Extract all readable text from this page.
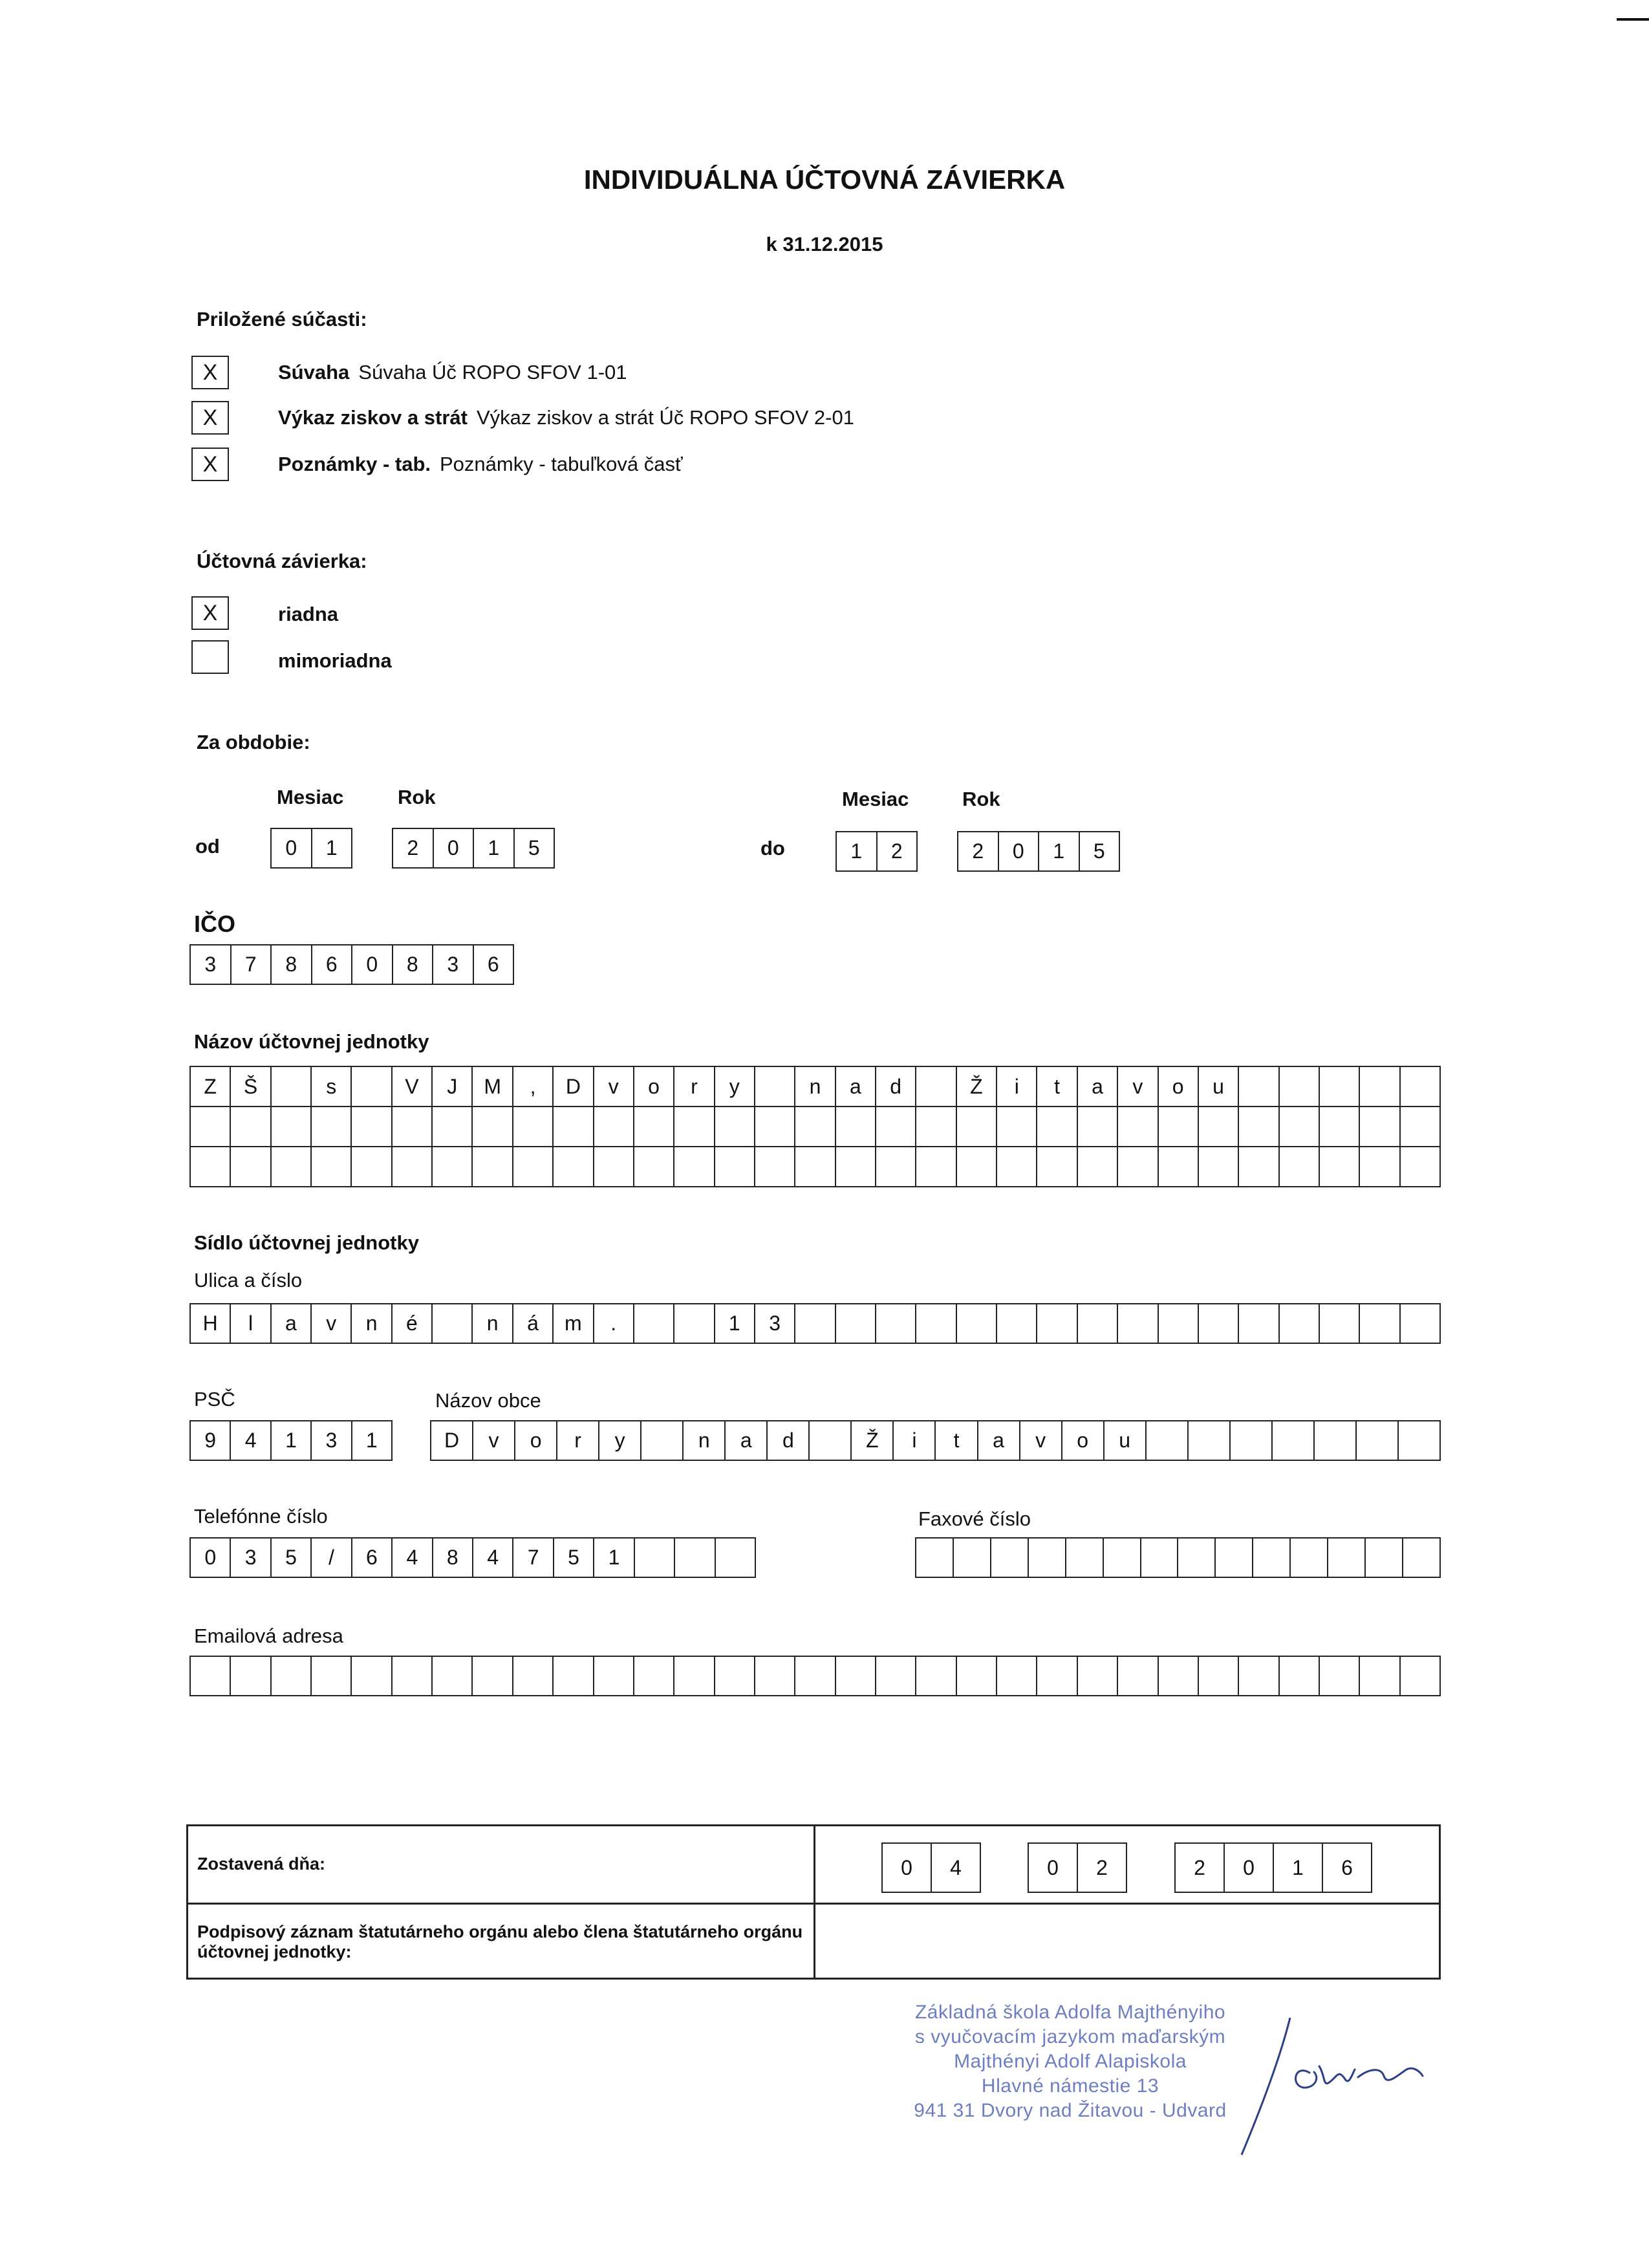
INDIVIDUÁLNA ÚČTOVNÁ ZÁVIERKA
k 31.12.2015
Priložené súčasti:
X	Súvaha Súvaha Úč ROPO SFOV 1-01
X	Výkaz ziskov a strát Výkaz ziskov a strát Úč ROPO SFOV 2-01
X	Poznámky - tab. Poznámky - tabuľková časť
Účtovná závierka:
X	riadna
mimoriadna
Za obdobie:
Mesiac	Rok	Mesiac	Rok
od	0	1	2	0	1	5	do	1	2	2	0	1	5
IČO
3	7	8	6	0	8	3	6
Názov účtovnej jednotky
Z	Š	s	V	J	M	,	D	v	o	r	y	n	a	d	Ž	i	t	a	v	o	u
Sídlo účtovnej jednotky
Ulica a číslo
H	l	a	v	n	é	n	á	m	.	1	3
PSČ
9	4	1	3	1
Názov obce
D	v	o	r	y	n	a	d	Ž	i	t	a	v	o	u
Telefónne číslo
0	3	5	/	6	4	8	4	7	5	1
Faxové číslo
Emailová adresa
Zostavená dňa:	0	4	0	2	2	0	1	6
Podpisový záznam štatutárneho orgánu alebo člena štatutárneho orgánu účtovnej jednotky:
Základná škola Adolfa Majthényiho
s vyučovacím jazykom maďarským
Majthényi Adolf Alapiskola
Hlavné námestie 13
941 31 Dvory nad Žitavou - Udvard
